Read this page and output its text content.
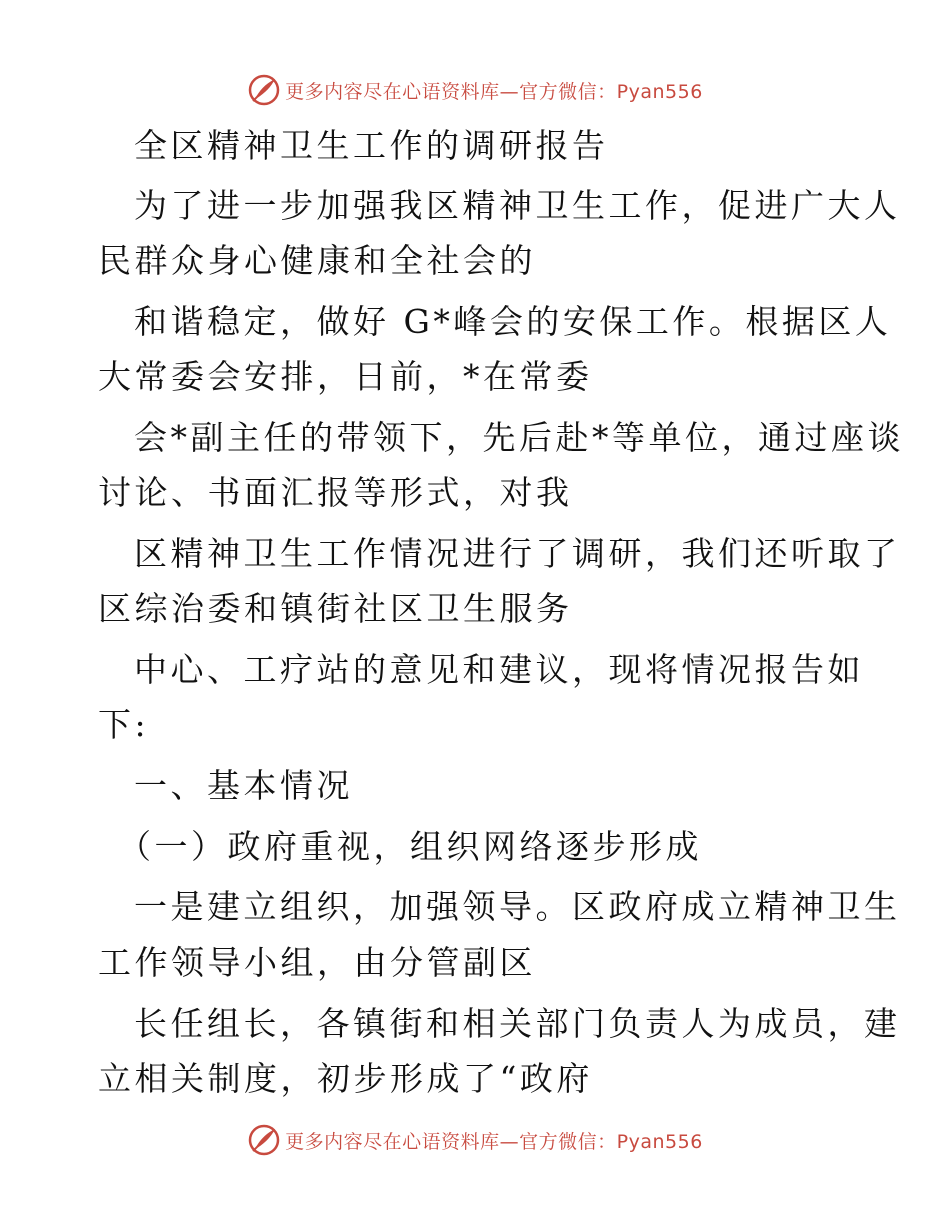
更多内容尽在心语资料库—官方微信：Pyan556
全区精神卫生工作的调研报告
为了进一步加强我区精神卫生工作，促进广大人
民群众身心健康和全社会的
和谐稳定，做好 G*峰会的安保工作。根据区人
大常委会安排，日前，*在常委
会*副主任的带领下，先后赴*等单位，通过座谈
讨论、书面汇报等形式，对我
区精神卫生工作情况进行了调研，我们还听取了
区综治委和镇街社区卫生服务
中心、工疗站的意见和建议，现将情况报告如
下:
一、基本情况
（一）政府重视，组织网络逐步形成
一是建立组织，加强领导。区政府成立精神卫生
工作领导小组，由分管副区
长任组长，各镇街和相关部门负责人为成员，建
立相关制度，初步形成了“政府
更多内容尽在心语资料库—官方微信：Pyan556
